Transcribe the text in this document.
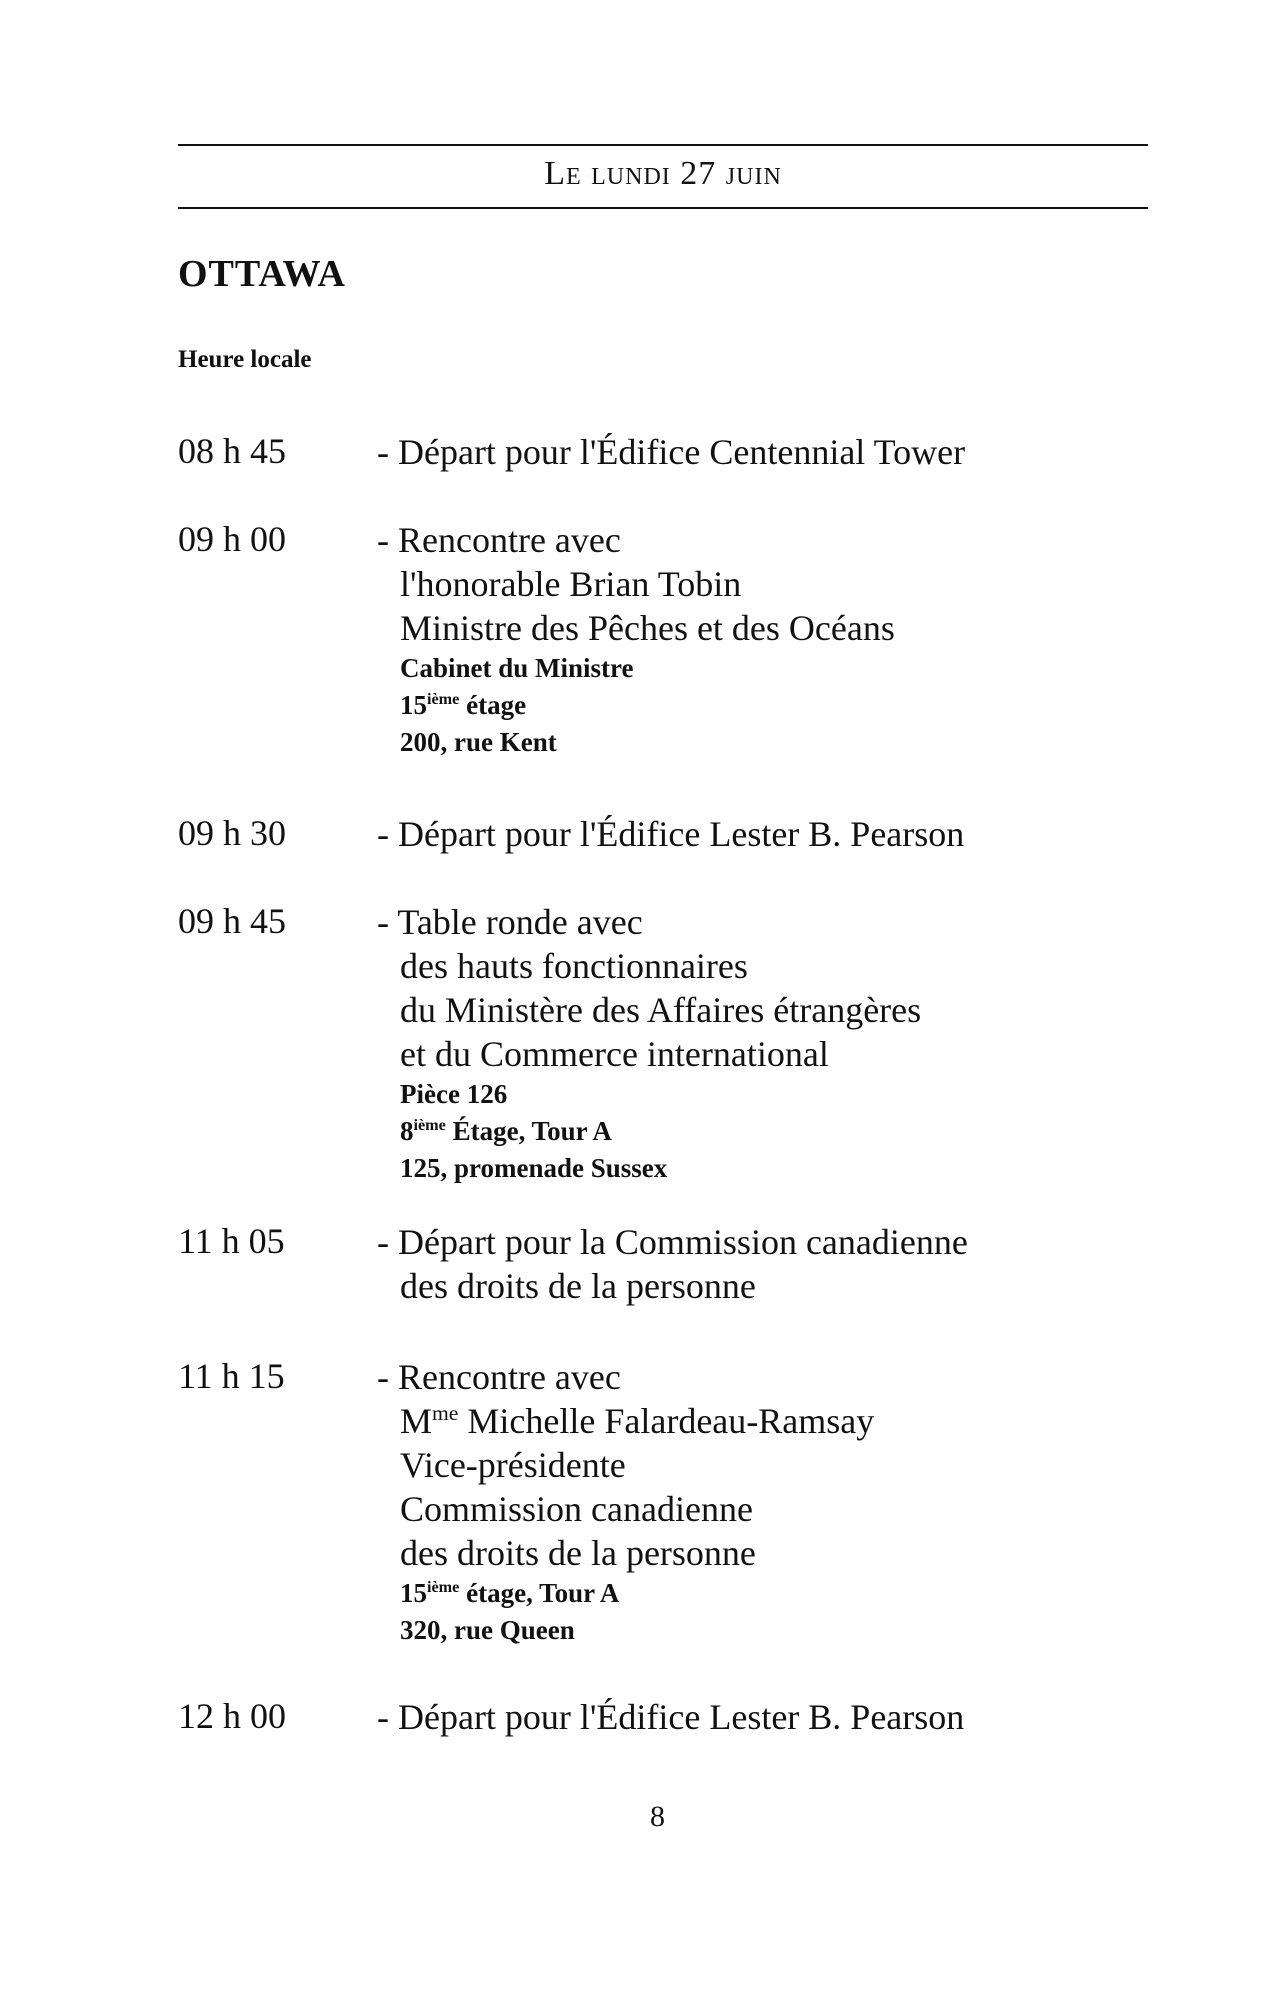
Le lundi 27 juin
OTTAWA
Heure locale
08 h 45	- Départ pour l'Édifice Centennial Tower
09 h 00	- Rencontre avec
l'honorable Brian Tobin
Ministre des Pêches et des Océans
Cabinet du Ministre
15ième étage
200, rue Kent
09 h 30	- Départ pour l'Édifice Lester B. Pearson
09 h 45	- Table ronde avec
des hauts fonctionnaires
du Ministère des Affaires étrangères
et du Commerce international
Pièce 126
8ième Étage, Tour A
125, promenade Sussex
11 h 05	- Départ pour la Commission canadienne
des droits de la personne
11 h 15	- Rencontre avec
$M^{me}$ Michelle Falardeau-Ramsay
Vice-présidente
Commission canadienne
des droits de la personne
15ième étage, Tour A
320, rue Queen
12 h 00	- Départ pour l'Édifice Lester B. Pearson
8
